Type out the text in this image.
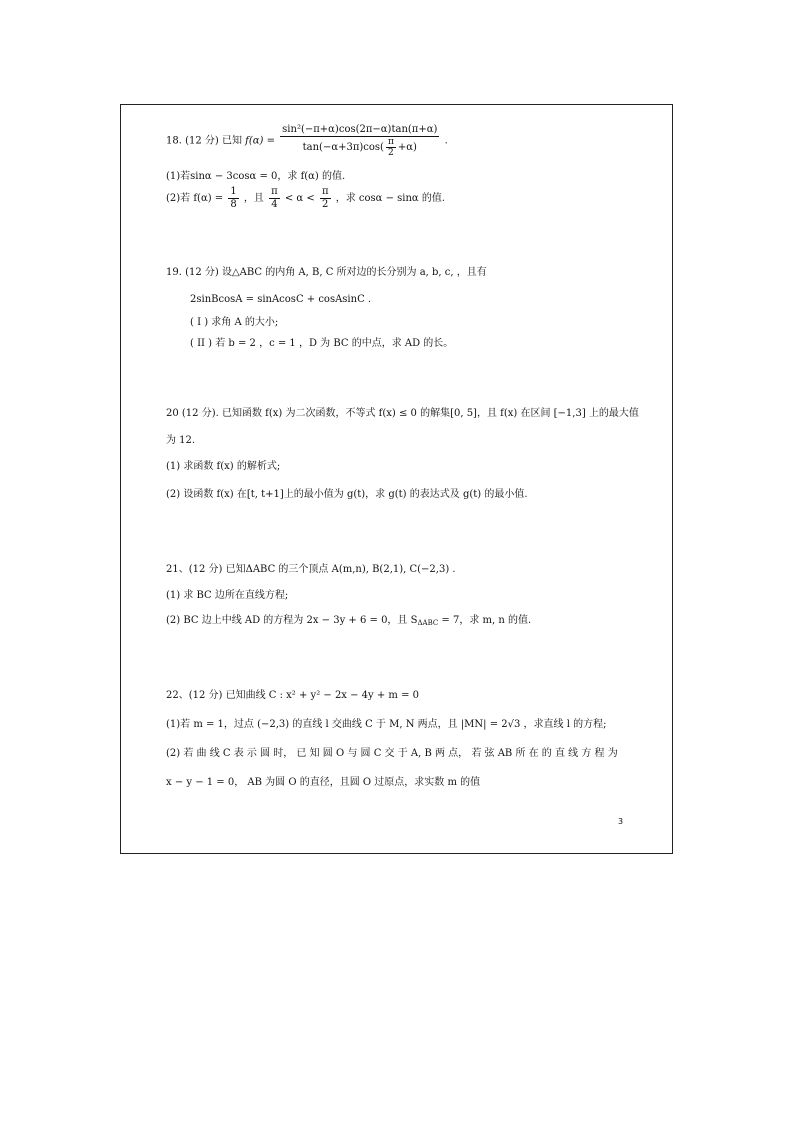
18. (12 分) 已知 $f(\alpha) = \frac{\text{sin²(−π+α)cos(2π−α)tan(π+α)}}{\tan(-\alpha+3\pi)\cos( \frac{\pi}{2} +\alpha)}$ .
(1)若sinα − 3cosα = 0，求 f(α) 的值.
(2)若 $f(\alpha) = \frac{1}{8}$ ，且 $\frac{\pi}{4} < \alpha < \frac{\pi}{2}$ ，求 cosα − sinα 的值.
19. (12 分) 设△ABC 的内角 A, B, C 所对边的长分别为 a, b, c, ，且有
2sinBcosA = sinAcosC + cosAsinC .
( I ) 求角 A 的大小;
( II ) 若 b = 2 ，c = 1 ，D 为 BC 的中点，求 AD 的长。
20 (12 分). 已知函数 f(x) 为二次函数，不等式 f(x) ≤ 0 的解集[0, 5]，且 f(x) 在区间 [−1,3] 上的最大值
为 12.
(1) 求函数 f(x) 的解析式;
(2) 设函数 f(x) 在[t, t+1]上的最小值为 g(t)，求 g(t) 的表达式及 g(t) 的最小值.
21、(12 分) 已知ΔABC 的三个顶点 A(m,n), B(2,1), C(−2,3) .
(1) 求 BC 边所在直线方程;
(2) BC 边上中线 AD 的方程为 2x − 3y + 6 = 0，且 $S_{\Delta ABC} = 7$，求 m, n 的值.
22、(12 分) 已知曲线 C : x² + y² − 2x − 4y + m = 0
(1)若 m = 1，过点 (−2,3) 的直线 l 交曲线 C 于 M, N 两点，且 |MN| = 2√3 ，求直线 l 的方程;
(2) 若 曲 线 C 表 示 圆 时， 已 知 圆 O 与 圆 C 交 于 A, B 两 点， 若 弦 AB 所 在 的 直 线 方 程 为
x − y − 1 = 0， AB 为圆 O 的直径，且圆 O 过原点，求实数 m 的值
3
